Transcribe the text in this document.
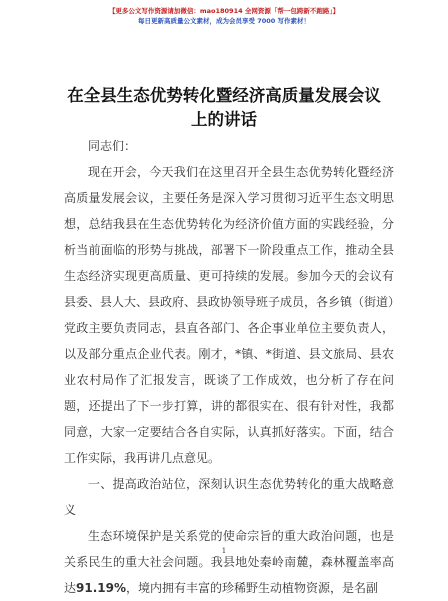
【更多公文写作资源请加微信：mao180914 全网资源「帮一包跨新不跑路」】
每日更新高质量公文素材，成为会员享受 7000 写作素材！
在全县生态优势转化暨经济高质量发展会议上的讲话

同志们：

现在开会，今天我们在这里召开全县生态优势转化暨经济高质量发展会议，主要任务是深入学习贯彻习近平生态文明思想，总结我县在生态优势转化为经济价值方面的实践经验，分析当前面临的形势与挑战，部署下一阶段重点工作，推动全县生态经济实现更高质量、更可持续的发展。参加今天的会议有县委、县人大、县政府、县政协领导班子成员，各乡镇（街道）党政主要负责同志，县直各部门、各企事业单位主要负责人，以及部分重点企业代表。刚才，*镇、*街道、县文旅局、县农业农村局作了汇报发言，既谈了工作成效，也分析了存在问题，还提出了下一步打算，讲的都很实在、很有针对性，我都同意，大家一定要结合各自实际，认真抓好落实。下面，结合工作实际，我再讲几点意见。

一、提高政治站位，深刻认识生态优势转化的重大战略意义

生态环境保护是关系党的使命宗旨的重大政治问题，也是关系民生的重大社会问题。我县地处秦岭南麓，森林覆盖率高达91.19%，境内拥有丰富的珍稀野生动植物资源，是名副

1
